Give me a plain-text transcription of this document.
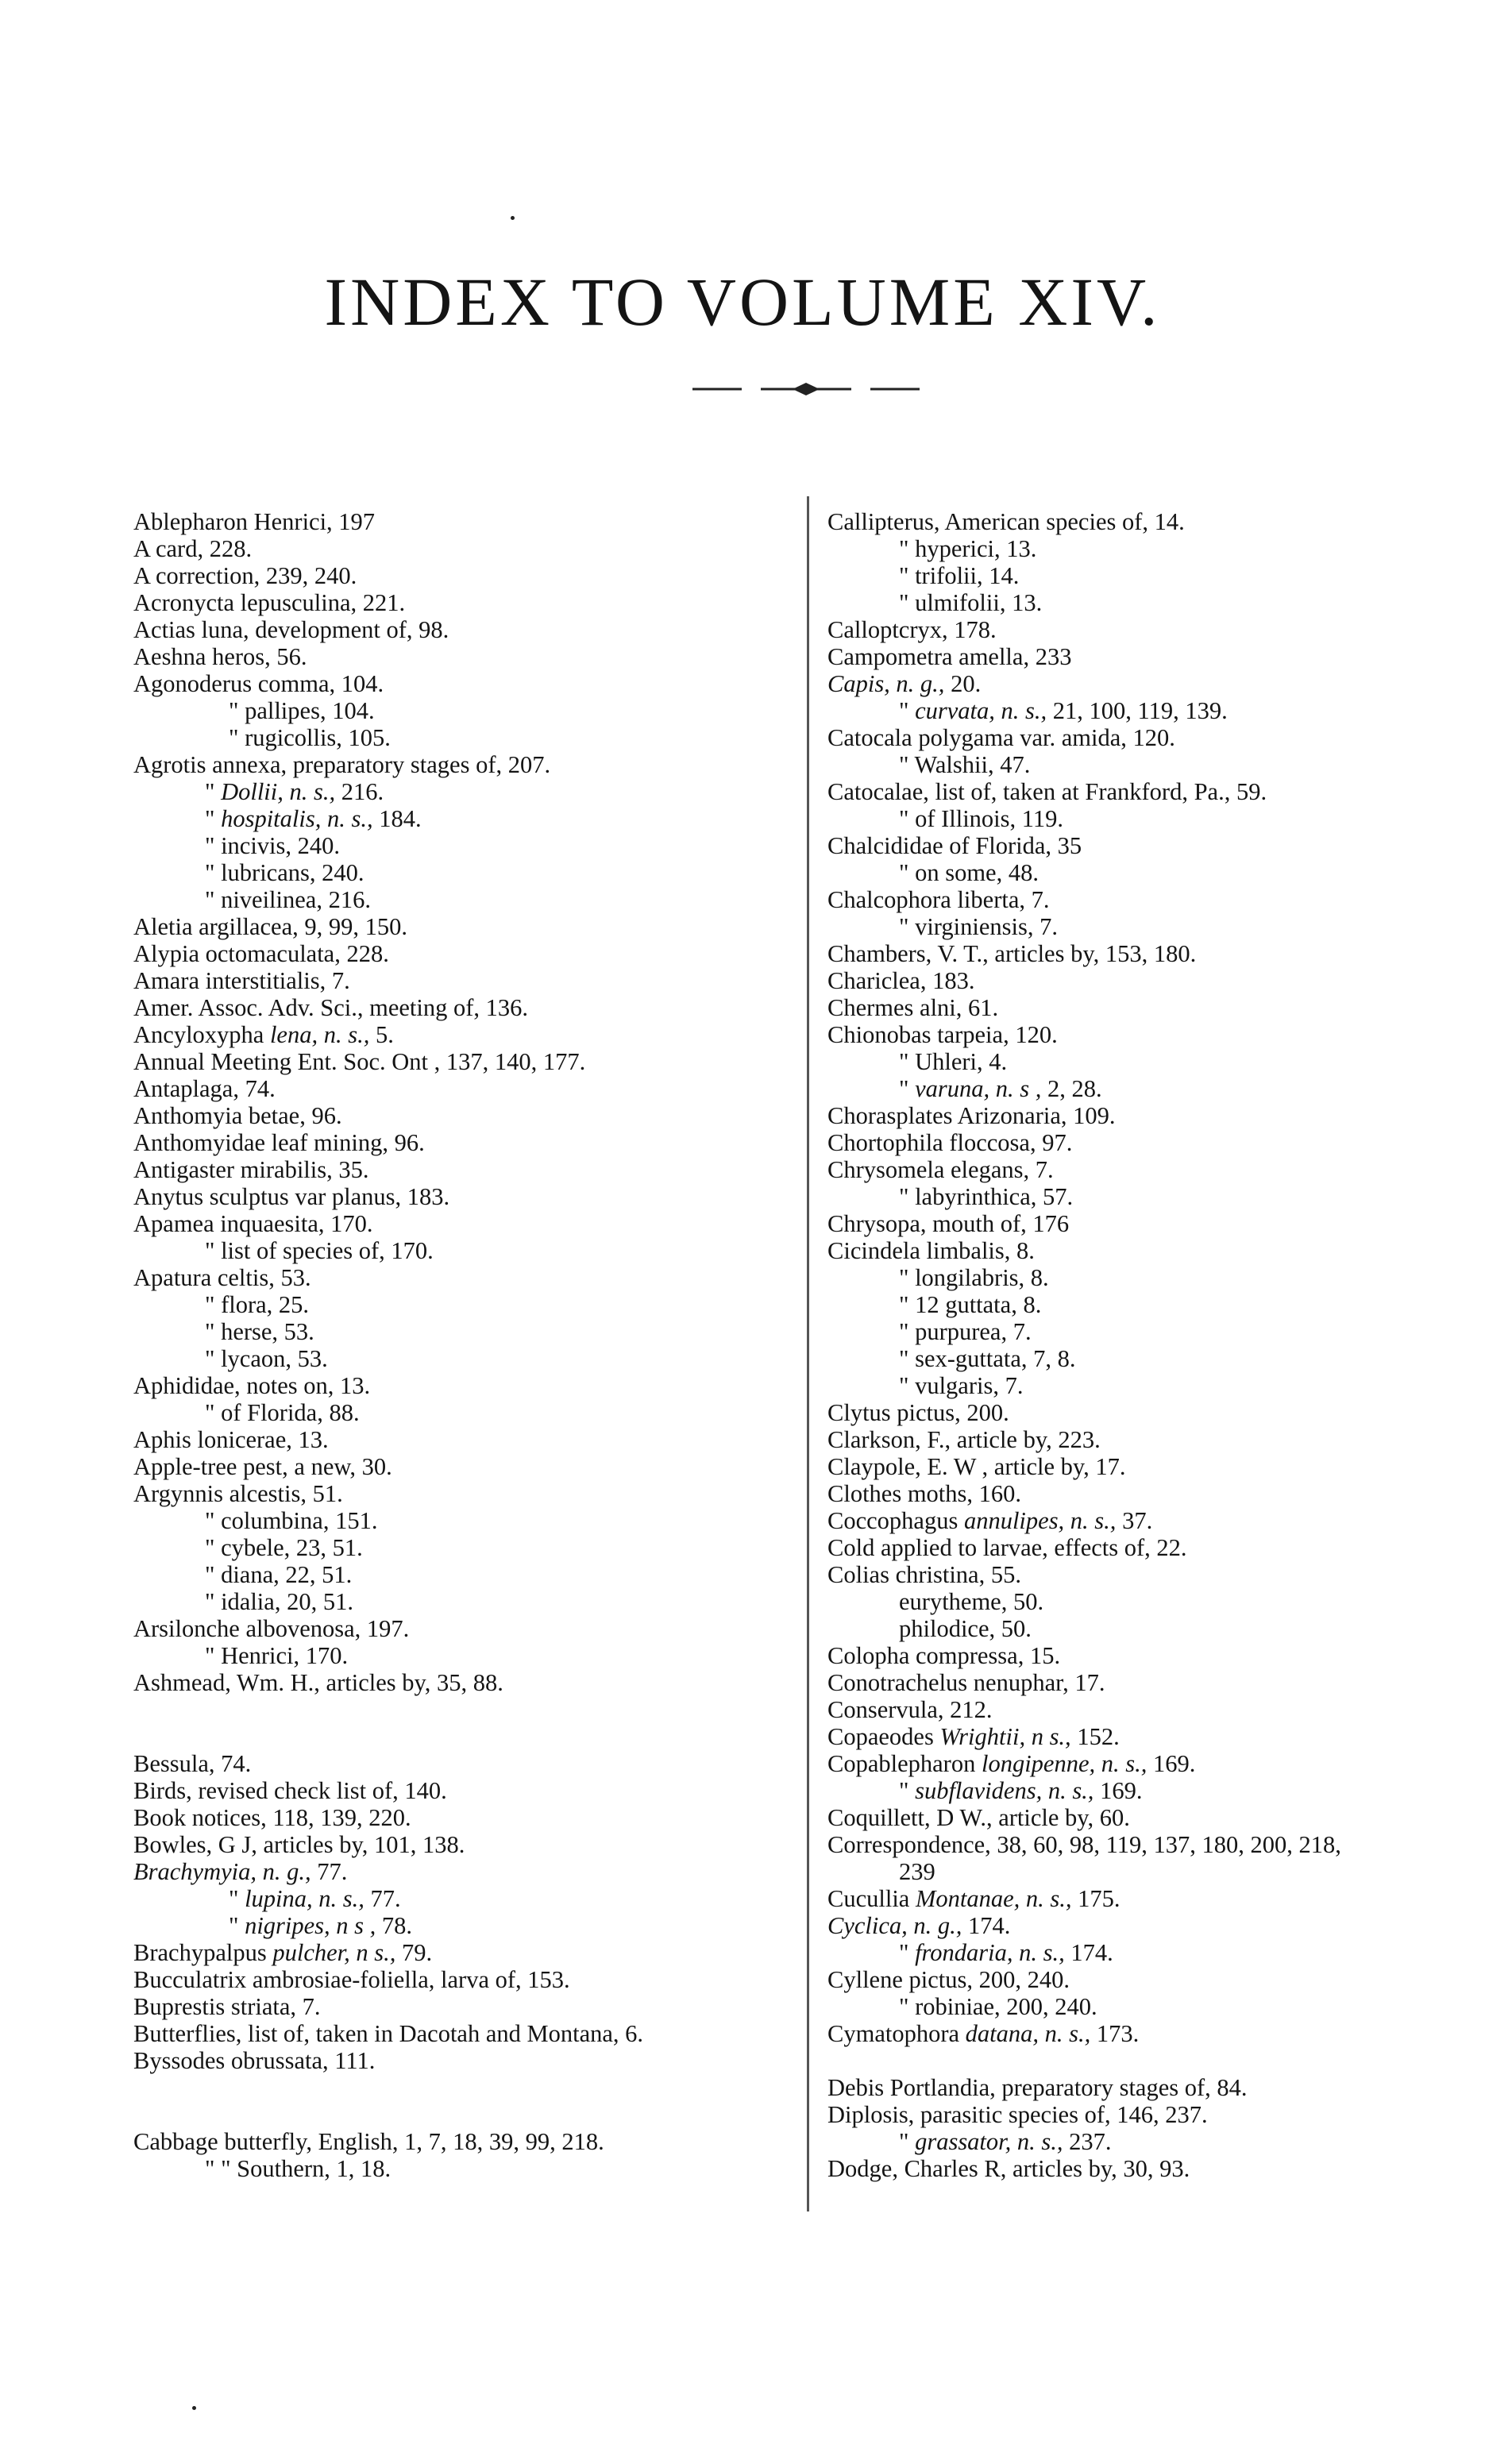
INDEX TO VOLUME XIV.
Ablepharon Henrici, 197
A card, 228.
A correction, 239, 240.
Acronycta lepusculina, 221.
Actias luna, development of, 98.
Aeshna heros, 56.
Agonoderus comma, 104.
" pallipes, 104.
" rugicollis, 105.
Agrotis annexa, preparatory stages of, 207.
" Dollii, n. s., 216.
" hospitalis, n. s., 184.
" incivis, 240.
" lubricans, 240.
" niveilinea, 216.
Aletia argillacea, 9, 99, 150.
Alypia octomaculata, 228.
Amara interstitialis, 7.
Amer. Assoc. Adv. Sci., meeting of, 136.
Ancyloxypha lena, n. s., 5.
Annual Meeting Ent. Soc. Ont , 137, 140, 177.
Antaplaga, 74.
Anthomyia betae, 96.
Anthomyidae leaf mining, 96.
Antigaster mirabilis, 35.
Anytus sculptus var planus, 183.
Apamea inquaesita, 170.
" list of species of, 170.
Apatura celtis, 53.
" flora, 25.
" herse, 53.
" lycaon, 53.
Aphididae, notes on, 13.
" of Florida, 88.
Aphis lonicerae, 13.
Apple-tree pest, a new, 30.
Argynnis alcestis, 51.
" columbina, 151.
" cybele, 23, 51.
" diana, 22, 51.
" idalia, 20, 51.
Arsilonche albovenosa, 197.
" Henrici, 170.
Ashmead, Wm. H., articles by, 35, 88.
Bessula, 74.
Birds, revised check list of, 140.
Book notices, 118, 139, 220.
Bowles, G J, articles by, 101, 138.
Brachymyia, n. g., 77.
" lupina, n. s., 77.
" nigripes, n s , 78.
Brachypalpus pulcher, n s., 79.
Bucculatrix ambrosiae-foliella, larva of, 153.
Buprestis striata, 7.
Butterflies, list of, taken in Dacotah and Montana, 6.
Byssodes obrussata, 111.
Cabbage butterfly, English, 1, 7, 18, 39, 99, 218.
" " Southern, 1, 18.
Callipterus, American species of, 14.
" hyperici, 13.
" trifolii, 14.
" ulmifolii, 13.
Calloptcryx, 178.
Campometra amella, 233
Capis, n. g., 20.
" curvata, n. s., 21, 100, 119, 139.
Catocala polygama var. amida, 120.
" Walshii, 47.
Catocalae, list of, taken at Frankford, Pa., 59.
" of Illinois, 119.
Chalcididae of Florida, 35
" on some, 48.
Chalcophora liberta, 7.
" virginiensis, 7.
Chambers, V. T., articles by, 153, 180.
Chariclea, 183.
Chermes alni, 61.
Chionobas tarpeia, 120.
" Uhleri, 4.
" varuna, n. s , 2, 28.
Chorasplates Arizonaria, 109.
Chortophila floccosa, 97.
Chrysomela elegans, 7.
" labyrinthica, 57.
Chrysopa, mouth of, 176
Cicindela limbalis, 8.
" longilabris, 8.
" 12 guttata, 8.
" purpurea, 7.
" sex-guttata, 7, 8.
" vulgaris, 7.
Clytus pictus, 200.
Clarkson, F., article by, 223.
Claypole, E. W , article by, 17.
Clothes moths, 160.
Coccophagus annulipes, n. s., 37.
Cold applied to larvae, effects of, 22.
Colias christina, 55.
eurytheme, 50.
philodice, 50.
Colopha compressa, 15.
Conotrachelus nenuphar, 17.
Conservula, 212.
Copaeodes Wrightii, n s., 152.
Copablepharon longipenne, n. s., 169.
" subflavidens, n. s., 169.
Coquillett, D W., article by, 60.
Correspondence, 38, 60, 98, 119, 137, 180, 200, 218,
239
Cucullia Montanae, n. s., 175.
Cyclica, n. g., 174.
" frondaria, n. s., 174.
Cyllene pictus, 200, 240.
" robiniae, 200, 240.
Cymatophora datana, n. s., 173.
Debis Portlandia, preparatory stages of, 84.
Diplosis, parasitic species of, 146, 237.
" grassator, n. s., 237.
Dodge, Charles R, articles by, 30, 93.
